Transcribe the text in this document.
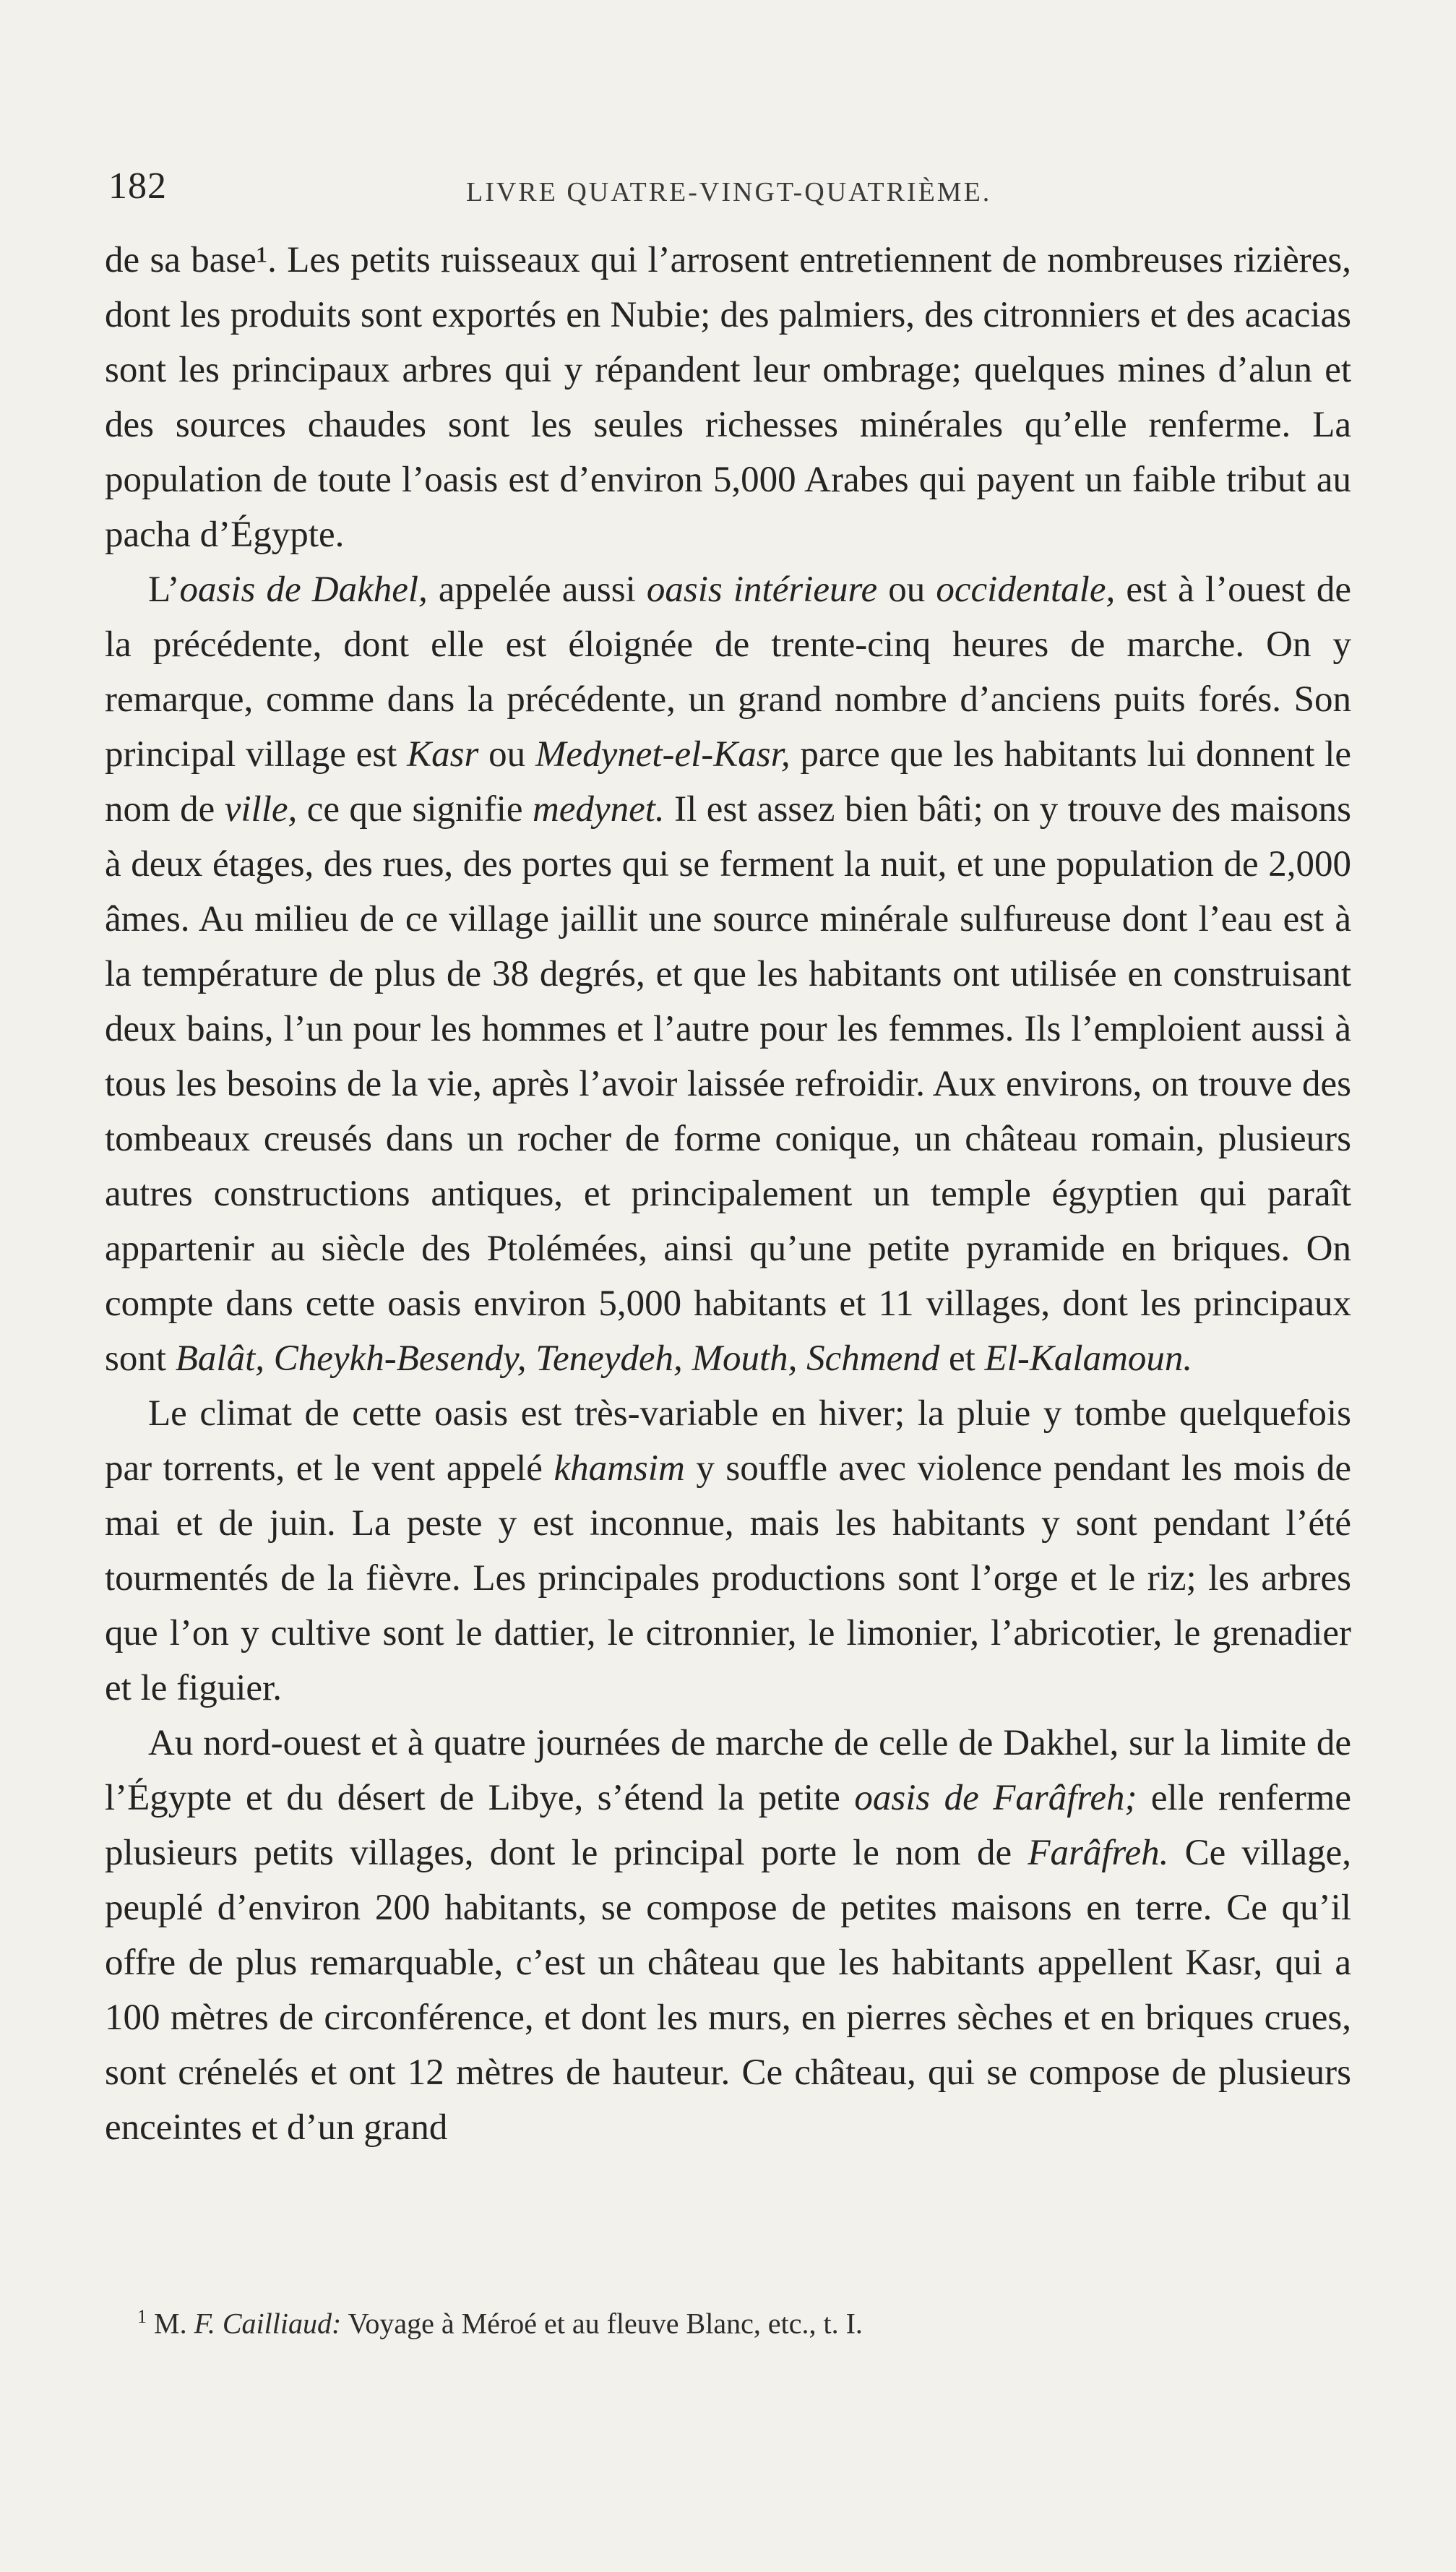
182	LIVRE QUATRE-VINGT-QUATRIÈME.

de sa base¹. Les petits ruisseaux qui l’arrosent entretiennent de nombreuses rizières, dont les produits sont exportés en Nubie; des palmiers, des citronniers et des acacias sont les principaux arbres qui y répandent leur ombrage; quelques mines d’alun et des sources chaudes sont les seules richesses minérales qu’elle renferme. La population de toute l’oasis est d’environ 5,000 Arabes qui payent un faible tribut au pacha d’Égypte.

L’oasis de Dakhel, appelée aussi oasis intérieure ou occidentale, est à l’ouest de la précédente, dont elle est éloignée de trente-cinq heures de marche. On y remarque, comme dans la précédente, un grand nombre d’anciens puits forés. Son principal village est Kasr ou Medynet-el-Kasr, parce que les habitants lui donnent le nom de ville, ce que signifie medynet. Il est assez bien bâti; on y trouve des maisons à deux étages, des rues, des portes qui se ferment la nuit, et une population de 2,000 âmes. Au milieu de ce village jaillit une source minérale sulfureuse dont l’eau est à la température de plus de 38 degrés, et que les habitants ont utilisée en construisant deux bains, l’un pour les hommes et l’autre pour les femmes. Ils l’emploient aussi à tous les besoins de la vie, après l’avoir laissée refroidir. Aux environs, on trouve des tombeaux creusés dans un rocher de forme conique, un château romain, plusieurs autres constructions antiques, et principalement un temple égyptien qui paraît appartenir au siècle des Ptolémées, ainsi qu’une petite pyramide en briques. On compte dans cette oasis environ 5,000 habitants et 11 villages, dont les principaux sont Balât, Cheykh-Besendy, Teneydeh, Mouth, Schmend et El-Kalamoun.

Le climat de cette oasis est très-variable en hiver; la pluie y tombe quelquefois par torrents, et le vent appelé khamsim y souffle avec violence pendant les mois de mai et de juin. La peste y est inconnue, mais les habitants y sont pendant l’été tourmentés de la fièvre. Les principales productions sont l’orge et le riz; les arbres que l’on y cultive sont le dattier, le citronnier, le limonier, l’abricotier, le grenadier et le figuier.

Au nord-ouest et à quatre journées de marche de celle de Dakhel, sur la limite de l’Égypte et du désert de Libye, s’étend la petite oasis de Farâfreh; elle renferme plusieurs petits villages, dont le principal porte le nom de Farâfreh. Ce village, peuplé d’environ 200 habitants, se compose de petites maisons en terre. Ce qu’il offre de plus remarquable, c’est un château que les habitants appellent Kasr, qui a 100 mètres de circonférence, et dont les murs, en pierres sèches et en briques crues, sont crénelés et ont 12 mètres de hauteur. Ce château, qui se compose de plusieurs enceintes et d’un grand

$^1$ M. F. Cailliaud: Voyage à Méroé et au fleuve Blanc, etc., t. I.
